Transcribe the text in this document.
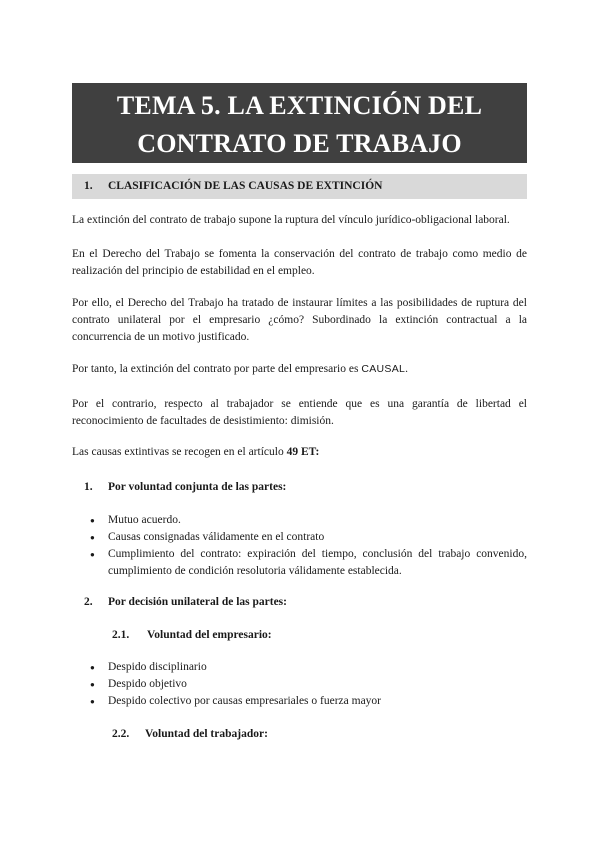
TEMA 5. LA EXTINCIÓN DEL
CONTRATO DE TRABAJO
1. CLASIFICACIÓN DE LAS CAUSAS DE EXTINCIÓN

La extinción del contrato de trabajo supone la ruptura del vínculo jurídico-obligacional laboral.

En el Derecho del Trabajo se fomenta la conservación del contrato de trabajo como medio de realización del principio de estabilidad en el empleo.

Por ello, el Derecho del Trabajo ha tratado de instaurar límites a las posibilidades de ruptura del contrato unilateral por el empresario ¿cómo? Subordinado la extinción contractual a la concurrencia de un motivo justificado.

Por tanto, la extinción del contrato por parte del empresario es CAUSAL.

Por el contrario, respecto al trabajador se entiende que es una garantía de libertad el reconocimiento de facultades de desistimiento: dimisión.

Las causas extintivas se recogen en el artículo 49 ET:

1. Por voluntad conjunta de las partes:
● Mutuo acuerdo.
● Causas consignadas válidamente en el contrato
● Cumplimiento del contrato: expiración del tiempo, conclusión del trabajo convenido, cumplimiento de condición resolutoria válidamente establecida.
2. Por decisión unilateral de las partes:
2.1. Voluntad del empresario:
● Despido disciplinario
● Despido objetivo
● Despido colectivo por causas empresariales o fuerza mayor
2.2. Voluntad del trabajador:
